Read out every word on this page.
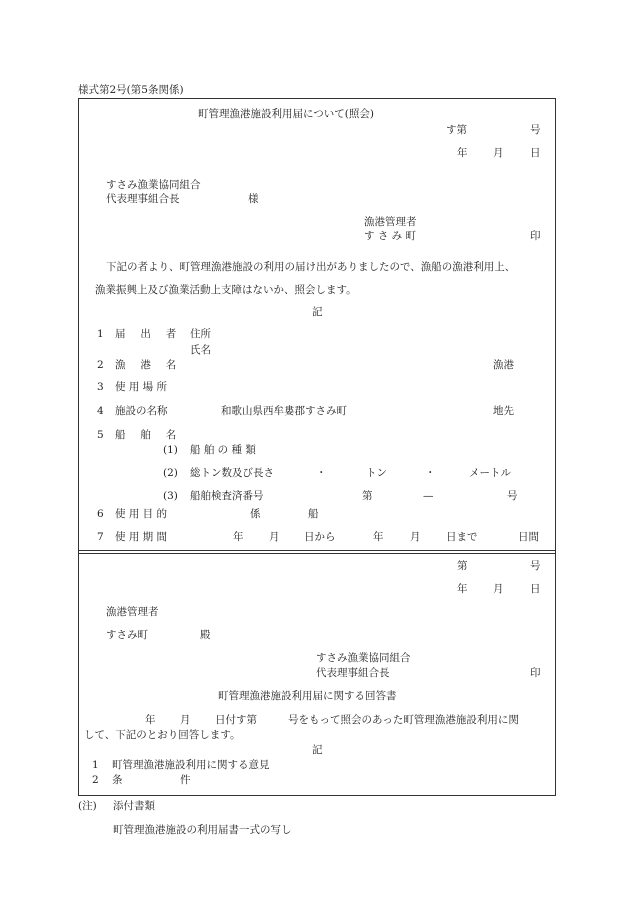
様式第2号(第5条関係)
町管理漁港施設利用届について(照会)
す第	号
年 月	日
すさみ漁業協同組合
代表理事組合長	様
漁港管理者
す さ み 町	印
下記の者より、町管理漁港施設の利用の届け出がありましたので、漁船の漁港利用上、
漁業振興上及び漁業活動上支障はないか、照会します。
記
1 届 出 者 住所
氏名
2 漁 港 名	漁港
3 使 用 場 所
4 施設の名称	和歌山県西牟婁郡すさみ町	地先
5 船 舶 名
(1) 船 舶 の 種 類
(2) 総トン数及び長さ	・	トン	・	メートル
(3) 船舶検査済番号	第	—	号
6 使 用 目 的	係	船
7 使 用 期 間	年 月 日から	年	月 日まで	日間
第	号
年 月	日
漁港管理者
すさみ町	殿
すさみ漁業協同組合
代表理事組合長	印
町管理漁港施設利用届に関する回答書
年 月 日付す第	号をもって照会のあった町管理漁港施設利用に関
して、下記のとおり回答します。
記
1 町管理漁港施設利用に関する意見
2 条	件
(注) 添付書類
町管理漁港施設の利用届書一式の写し
